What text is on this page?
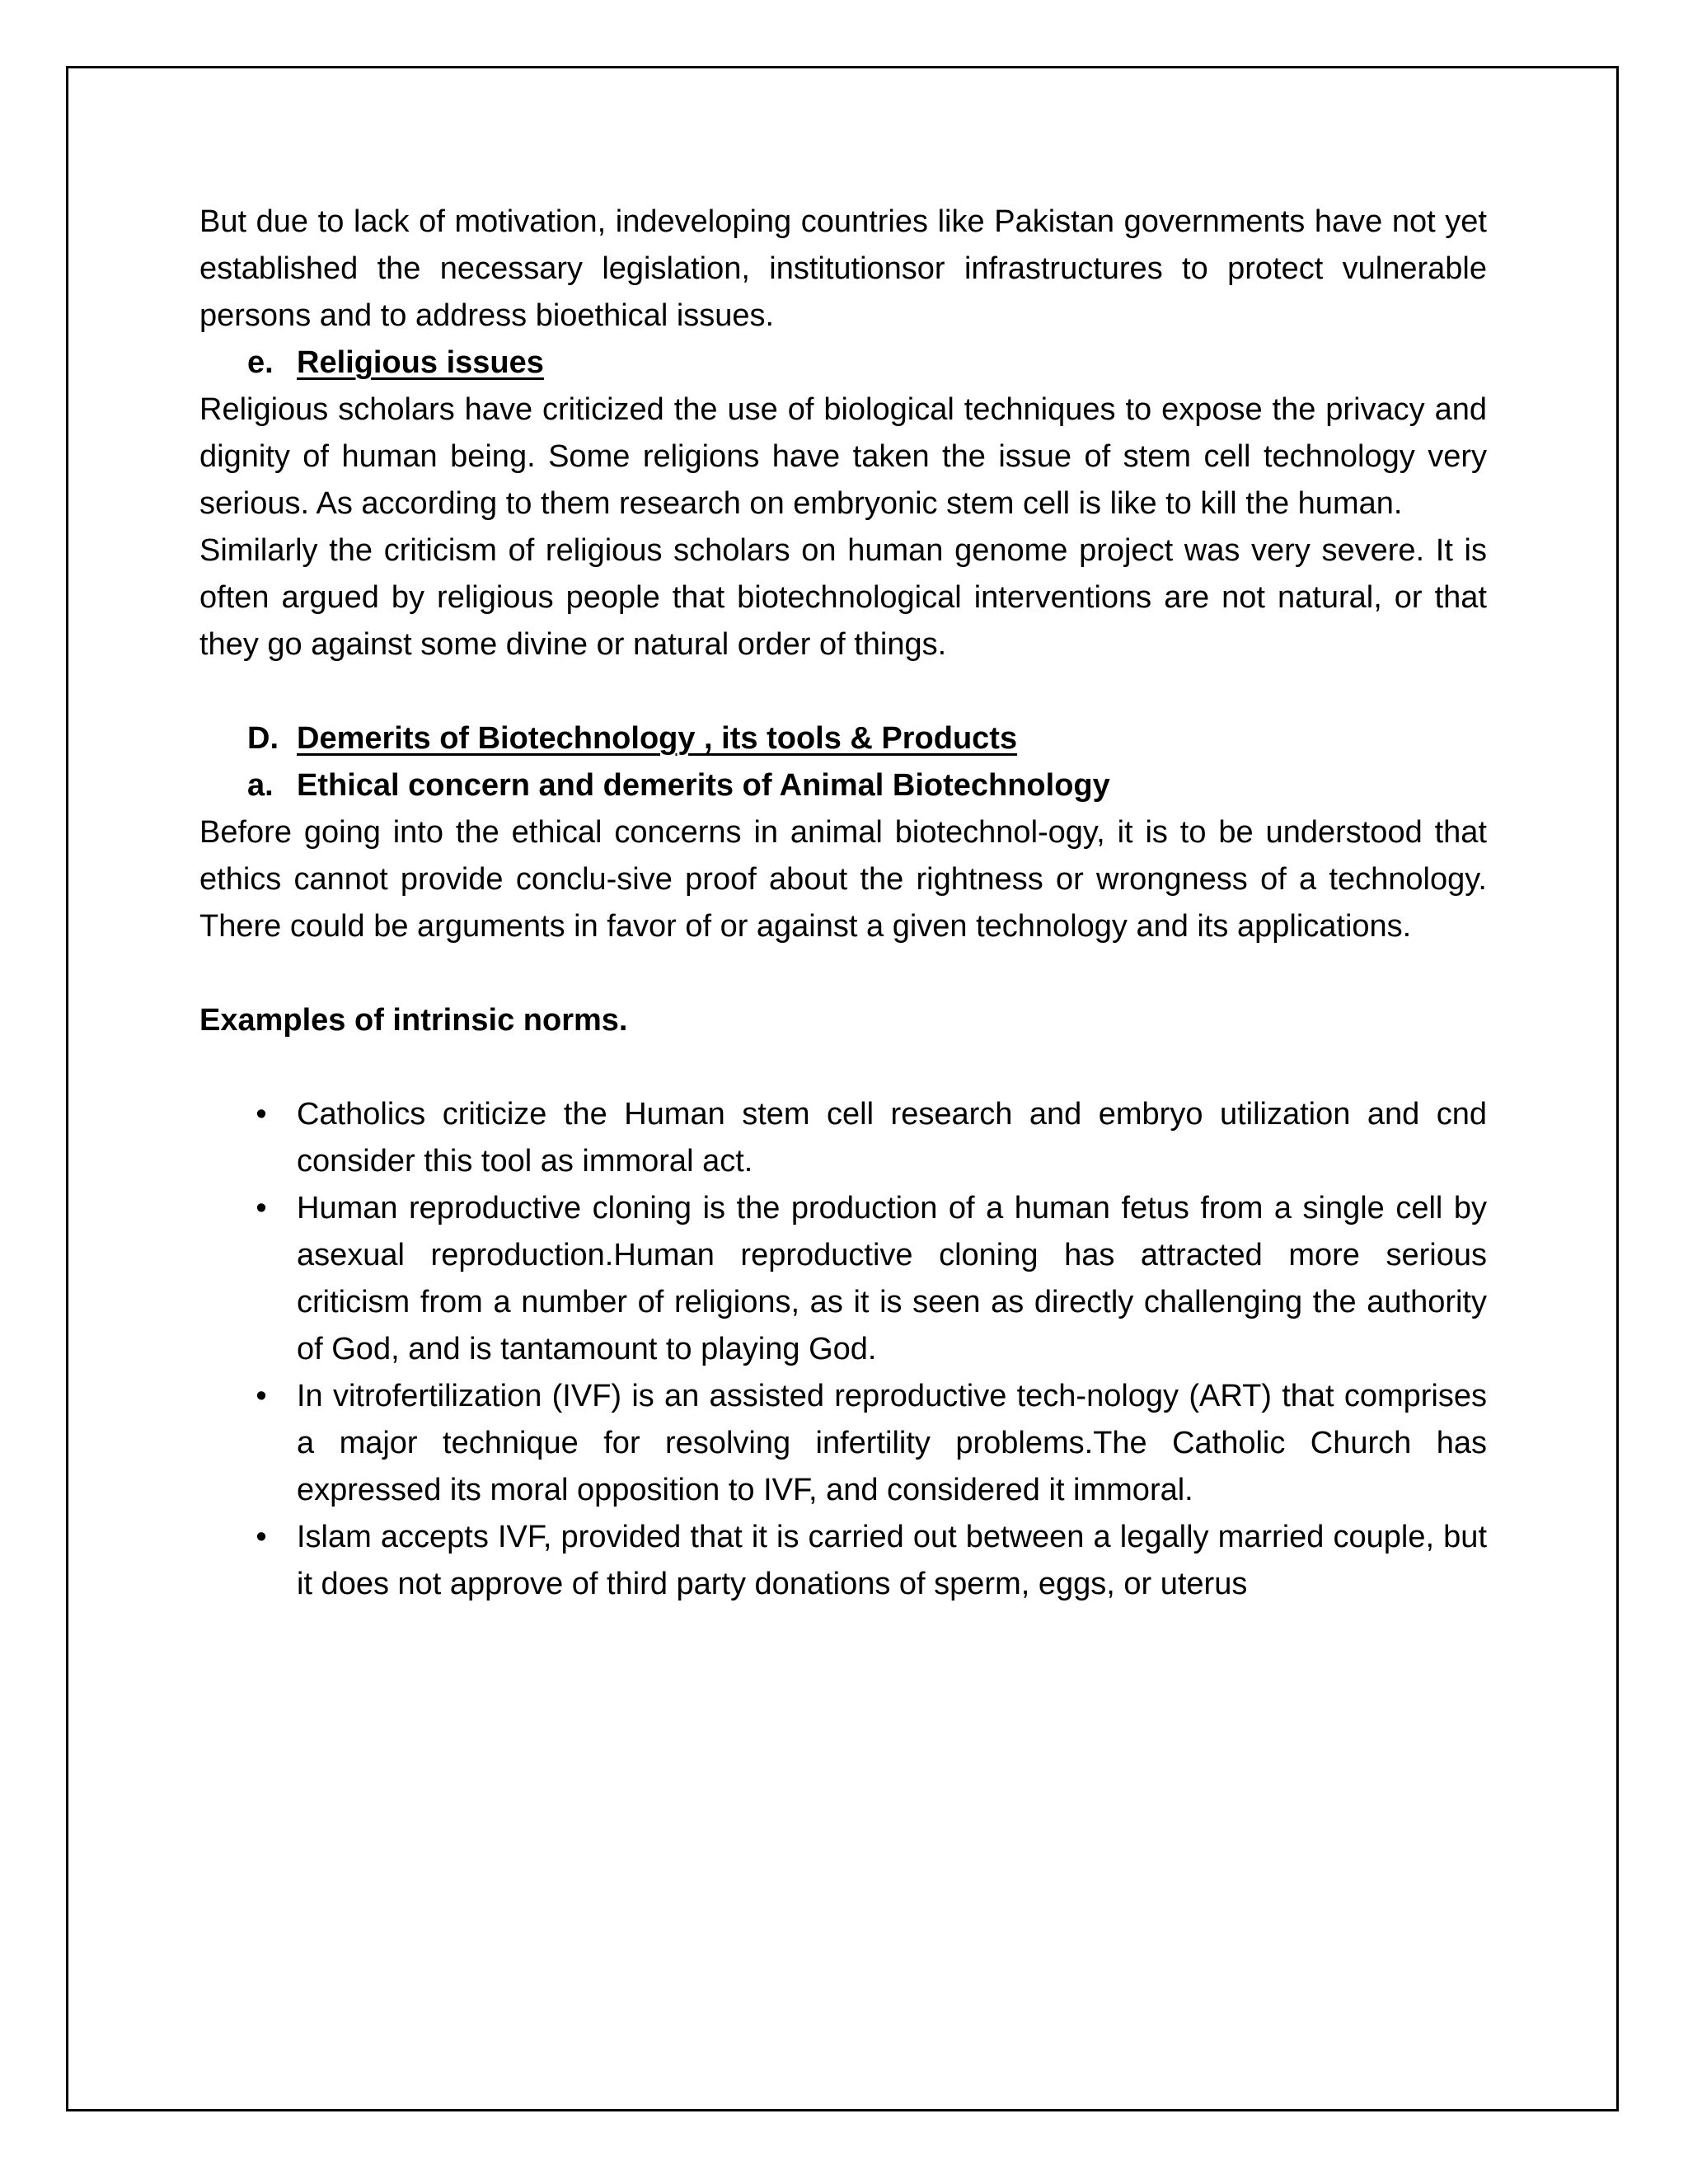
But due to lack of motivation, indeveloping countries like Pakistan governments have not yet established the necessary legislation, institutionsor infrastructures to protect vulnerable persons and to address bioethical issues.

e. Religious issues

Religious scholars have criticized the use of biological techniques to expose the privacy and dignity of human being. Some religions have taken the issue of stem cell technology very serious. As according to them research on embryonic stem cell is like to kill the human.

Similarly the criticism of religious scholars on human genome project was very severe. It is often argued by religious people that biotechnological interventions are not natural, or that they go against some divine or natural order of things.

D. Demerits of Biotechnology , its tools & Products
a. Ethical concern and demerits of Animal Biotechnology

Before going into the ethical concerns in animal biotechnol-ogy, it is to be understood that ethics cannot provide conclu-sive proof about the rightness or wrongness of a technology. There could be arguments in favor of or against a given technology and its applications.

Examples of intrinsic norms.

• Catholics criticize the Human stem cell research and embryo utilization and cnd consider this tool as immoral act.
• Human reproductive cloning is the production of a human fetus from a single cell by asexual reproduction.Human reproductive cloning has attracted more serious criticism from a number of religions, as it is seen as directly challenging the authority of God, and is tantamount to playing God.
• In vitrofertilization (IVF) is an assisted reproductive tech-nology (ART) that comprises a major technique for resolving infertility problems.The Catholic Church has expressed its moral opposition to IVF, and considered it immoral.
• Islam accepts IVF, provided that it is carried out between a legally married couple, but it does not approve of third party donations of sperm, eggs, or uterus
